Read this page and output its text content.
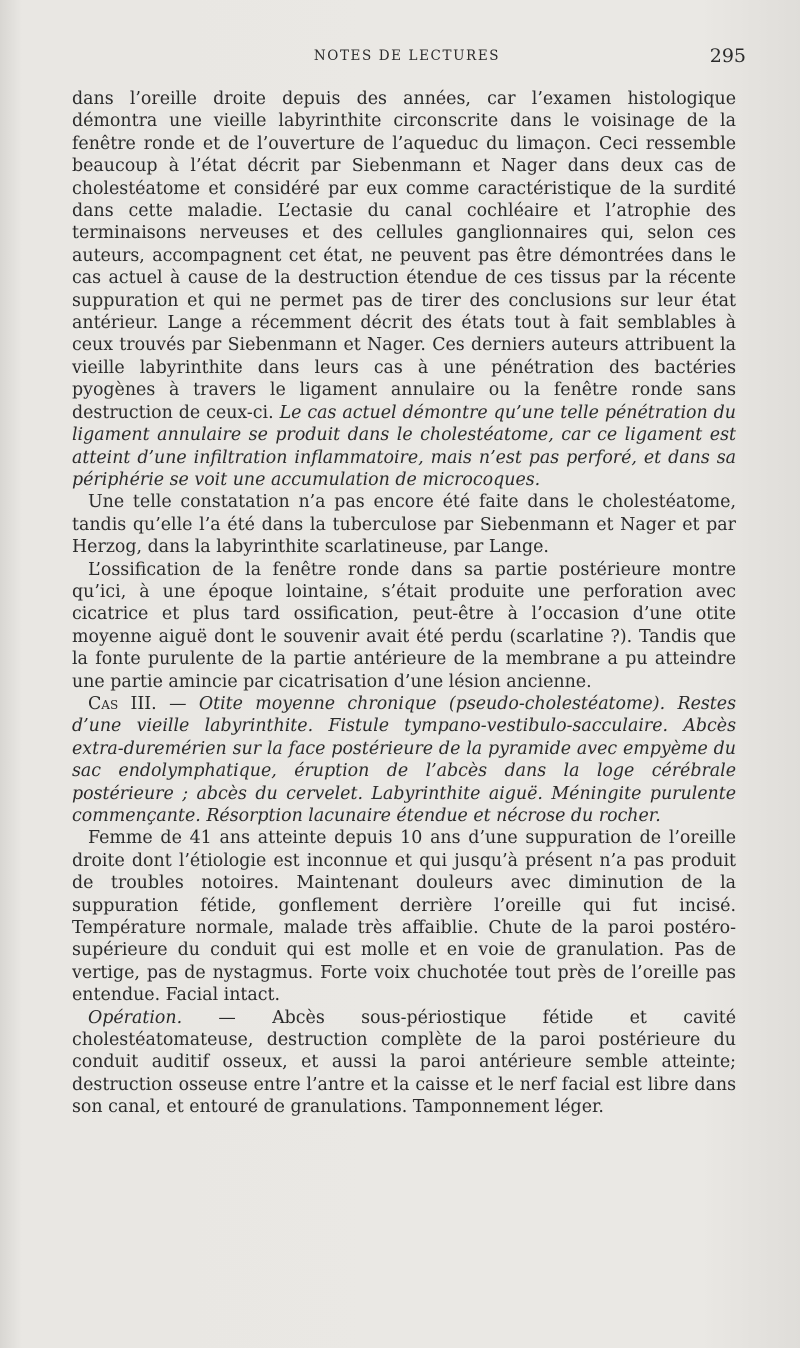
NOTES DE LECTURES	295

dans l’oreille droite depuis des années, car l’examen histologique démontra une vieille labyrinthite circonscrite dans le voisinage de la fenêtre ronde et de l’ouverture de l’aqueduc du limaçon. Ceci ressemble beaucoup à l’état décrit par Siebenmann et Nager dans deux cas de cholestéatome et considéré par eux comme caractéristique de la surdité dans cette maladie. L’ectasie du canal cochléaire et l’atrophie des terminaisons nerveuses et des cellules ganglionnaires qui, selon ces auteurs, accompagnent cet état, ne peuvent pas être démontrées dans le cas actuel à cause de la destruction étendue de ces tissus par la récente suppuration et qui ne permet pas de tirer des conclusions sur leur état antérieur. Lange a récemment décrit des états tout à fait semblables à ceux trouvés par Siebenmann et Nager. Ces derniers auteurs attribuent la vieille labyrinthite dans leurs cas à une pénétration des bactéries pyogènes à travers le ligament annulaire ou la fenêtre ronde sans destruction de ceux-ci. Le cas actuel démontre qu’une telle pénétration du ligament annulaire se produit dans le cholestéatome, car ce ligament est atteint d’une infiltration inflammatoire, mais n’est pas perforé, et dans sa périphérie se voit une accumulation de microcoques.

Une telle constatation n’a pas encore été faite dans le cholestéatome, tandis qu’elle l’a été dans la tuberculose par Siebenmann et Nager et par Herzog, dans la labyrinthite scarlatineuse, par Lange.

L’ossification de la fenêtre ronde dans sa partie postérieure montre qu’ici, à une époque lointaine, s’était produite une perforation avec cicatrice et plus tard ossification, peut-être à l’occasion d’une otite moyenne aiguë dont le souvenir avait été perdu (scarlatine ?). Tandis que la fonte purulente de la partie antérieure de la membrane a pu atteindre une partie amincie par cicatrisation d’une lésion ancienne.

Cas III. — Otite moyenne chronique (pseudo-cholestéatome). Restes d’une vieille labyrinthite. Fistule tympano-vestibulo-sacculaire. Abcès extra-duremérien sur la face postérieure de la pyramide avec empyème du sac endolymphatique, éruption de l’abcès dans la loge cérébrale postérieure ; abcès du cervelet. Labyrinthite aiguë. Méningite purulente commençante. Résorption lacunaire étendue et nécrose du rocher.

Femme de 41 ans atteinte depuis 10 ans d’une suppuration de l’oreille droite dont l’étiologie est inconnue et qui jusqu’à présent n’a pas produit de troubles notoires. Maintenant douleurs avec diminution de la suppuration fétide, gonflement derrière l’oreille qui fut incisé. Température normale, malade très affaiblie. Chute de la paroi postéro-supérieure du conduit qui est molle et en voie de granulation. Pas de vertige, pas de nystagmus. Forte voix chuchotée tout près de l’oreille pas entendue. Facial intact.

Opération. — Abcès sous-périostique fétide et cavité cholestéatomateuse, destruction complète de la paroi postérieure du conduit auditif osseux, et aussi la paroi antérieure semble atteinte; destruction osseuse entre l’antre et la caisse et le nerf facial est libre dans son canal, et entouré de granulations. Tamponnement léger.
